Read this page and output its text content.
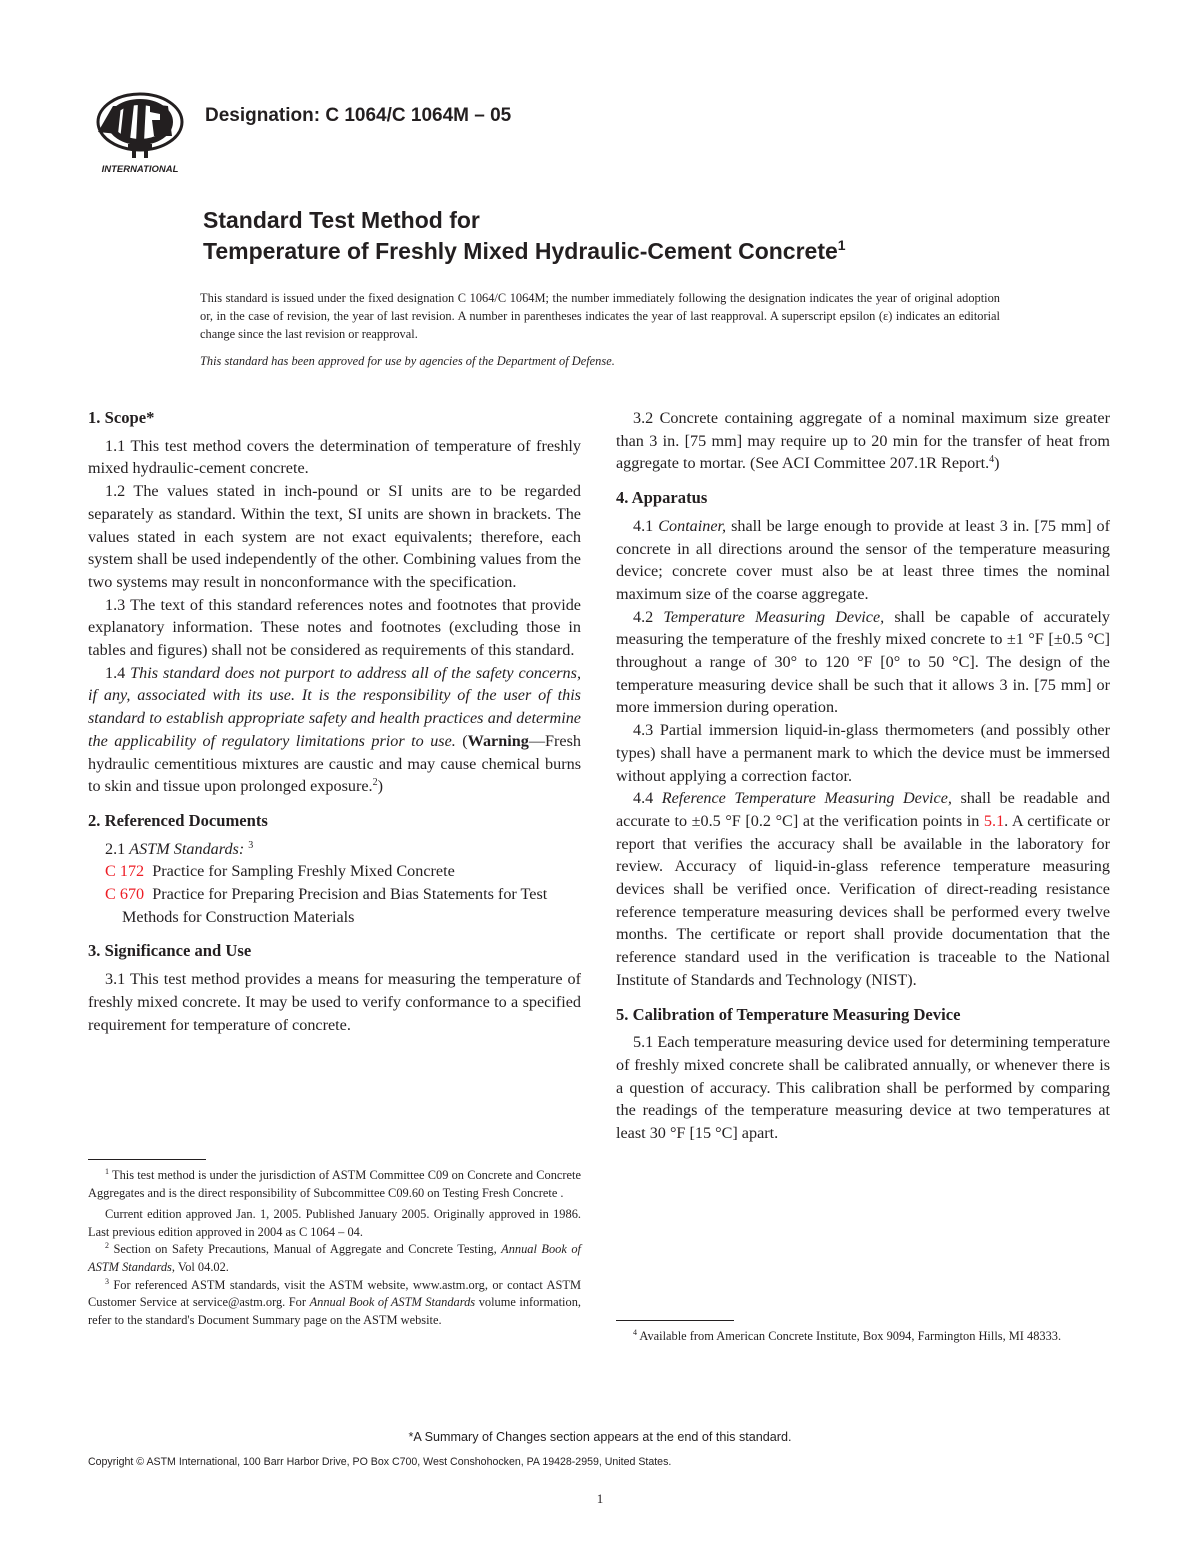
INTERNATIONAL
Designation: C 1064/C 1064M – 05
Standard Test Method for
Temperature of Freshly Mixed Hydraulic-Cement Concrete$^1$
This standard is issued under the fixed designation C 1064/C 1064M; the number immediately following the designation indicates the year of original adoption or, in the case of revision, the year of last revision. A number in parentheses indicates the year of last reapproval. A superscript epsilon (ε) indicates an editorial change since the last revision or reapproval.
This standard has been approved for use by agencies of the Department of Defense.

1. Scope*

1.1 This test method covers the determination of temperature of freshly mixed hydraulic-cement concrete.

1.2 The values stated in inch-pound or SI units are to be regarded separately as standard. Within the text, SI units are shown in brackets. The values stated in each system are not exact equivalents; therefore, each system shall be used independently of the other. Combining values from the two systems may result in nonconformance with the specification.

1.3 The text of this standard references notes and footnotes that provide explanatory information. These notes and footnotes (excluding those in tables and figures) shall not be considered as requirements of this standard.

1.4 This standard does not purport to address all of the safety concerns, if any, associated with its use. It is the responsibility of the user of this standard to establish appropriate safety and health practices and determine the applicability of regulatory limitations prior to use. (Warning—Fresh hydraulic cementitious mixtures are caustic and may cause chemical burns to skin and tissue upon prolonged exposure.$^2$)

2. Referenced Documents

2.1 ASTM Standards: $^3$

C 172 Practice for Sampling Freshly Mixed Concrete

C 670 Practice for Preparing Precision and Bias Statements for Test Methods for Construction Materials

3. Significance and Use

3.1 This test method provides a means for measuring the temperature of freshly mixed concrete. It may be used to verify conformance to a specified requirement for temperature of concrete.

$^1$ This test method is under the jurisdiction of ASTM Committee C09 on Concrete and Concrete Aggregates and is the direct responsibility of Subcommittee C09.60 on Testing Fresh Concrete .

Current edition approved Jan. 1, 2005. Published January 2005. Originally approved in 1986. Last previous edition approved in 2004 as C 1064 – 04.

$^2$ Section on Safety Precautions, Manual of Aggregate and Concrete Testing, Annual Book of ASTM Standards, Vol 04.02.

$^3$ For referenced ASTM standards, visit the ASTM website, www.astm.org, or contact ASTM Customer Service at service@astm.org. For Annual Book of ASTM Standards volume information, refer to the standard's Document Summary page on the ASTM website.

3.2 Concrete containing aggregate of a nominal maximum size greater than 3 in. [75 mm] may require up to 20 min for the transfer of heat from aggregate to mortar. (See ACI Committee 207.1R Report.$^4$)

4. Apparatus

4.1 Container, shall be large enough to provide at least 3 in. [75 mm] of concrete in all directions around the sensor of the temperature measuring device; concrete cover must also be at least three times the nominal maximum size of the coarse aggregate.

4.2 Temperature Measuring Device, shall be capable of accurately measuring the temperature of the freshly mixed concrete to ±1 °F [±0.5 °C] throughout a range of 30° to 120 °F [0° to 50 °C]. The design of the temperature measuring device shall be such that it allows 3 in. [75 mm] or more immersion during operation.

4.3 Partial immersion liquid-in-glass thermometers (and possibly other types) shall have a permanent mark to which the device must be immersed without applying a correction factor.

4.4 Reference Temperature Measuring Device, shall be readable and accurate to ±0.5 °F [0.2 °C] at the verification points in 5.1. A certificate or report that verifies the accuracy shall be available in the laboratory for review. Accuracy of liquid-in-glass reference temperature measuring devices shall be verified once. Verification of direct-reading resistance reference temperature measuring devices shall be performed every twelve months. The certificate or report shall provide documentation that the reference standard used in the verification is traceable to the National Institute of Standards and Technology (NIST).

5. Calibration of Temperature Measuring Device

5.1 Each temperature measuring device used for determining temperature of freshly mixed concrete shall be calibrated annually, or whenever there is a question of accuracy. This calibration shall be performed by comparing the readings of the temperature measuring device at two temperatures at least 30 °F [15 °C] apart.

$^4$ Available from American Concrete Institute, Box 9094, Farmington Hills, MI 48333.

*A Summary of Changes section appears at the end of this standard.
Copyright © ASTM International, 100 Barr Harbor Drive, PO Box C700, West Conshohocken, PA 19428-2959, United States.
1
